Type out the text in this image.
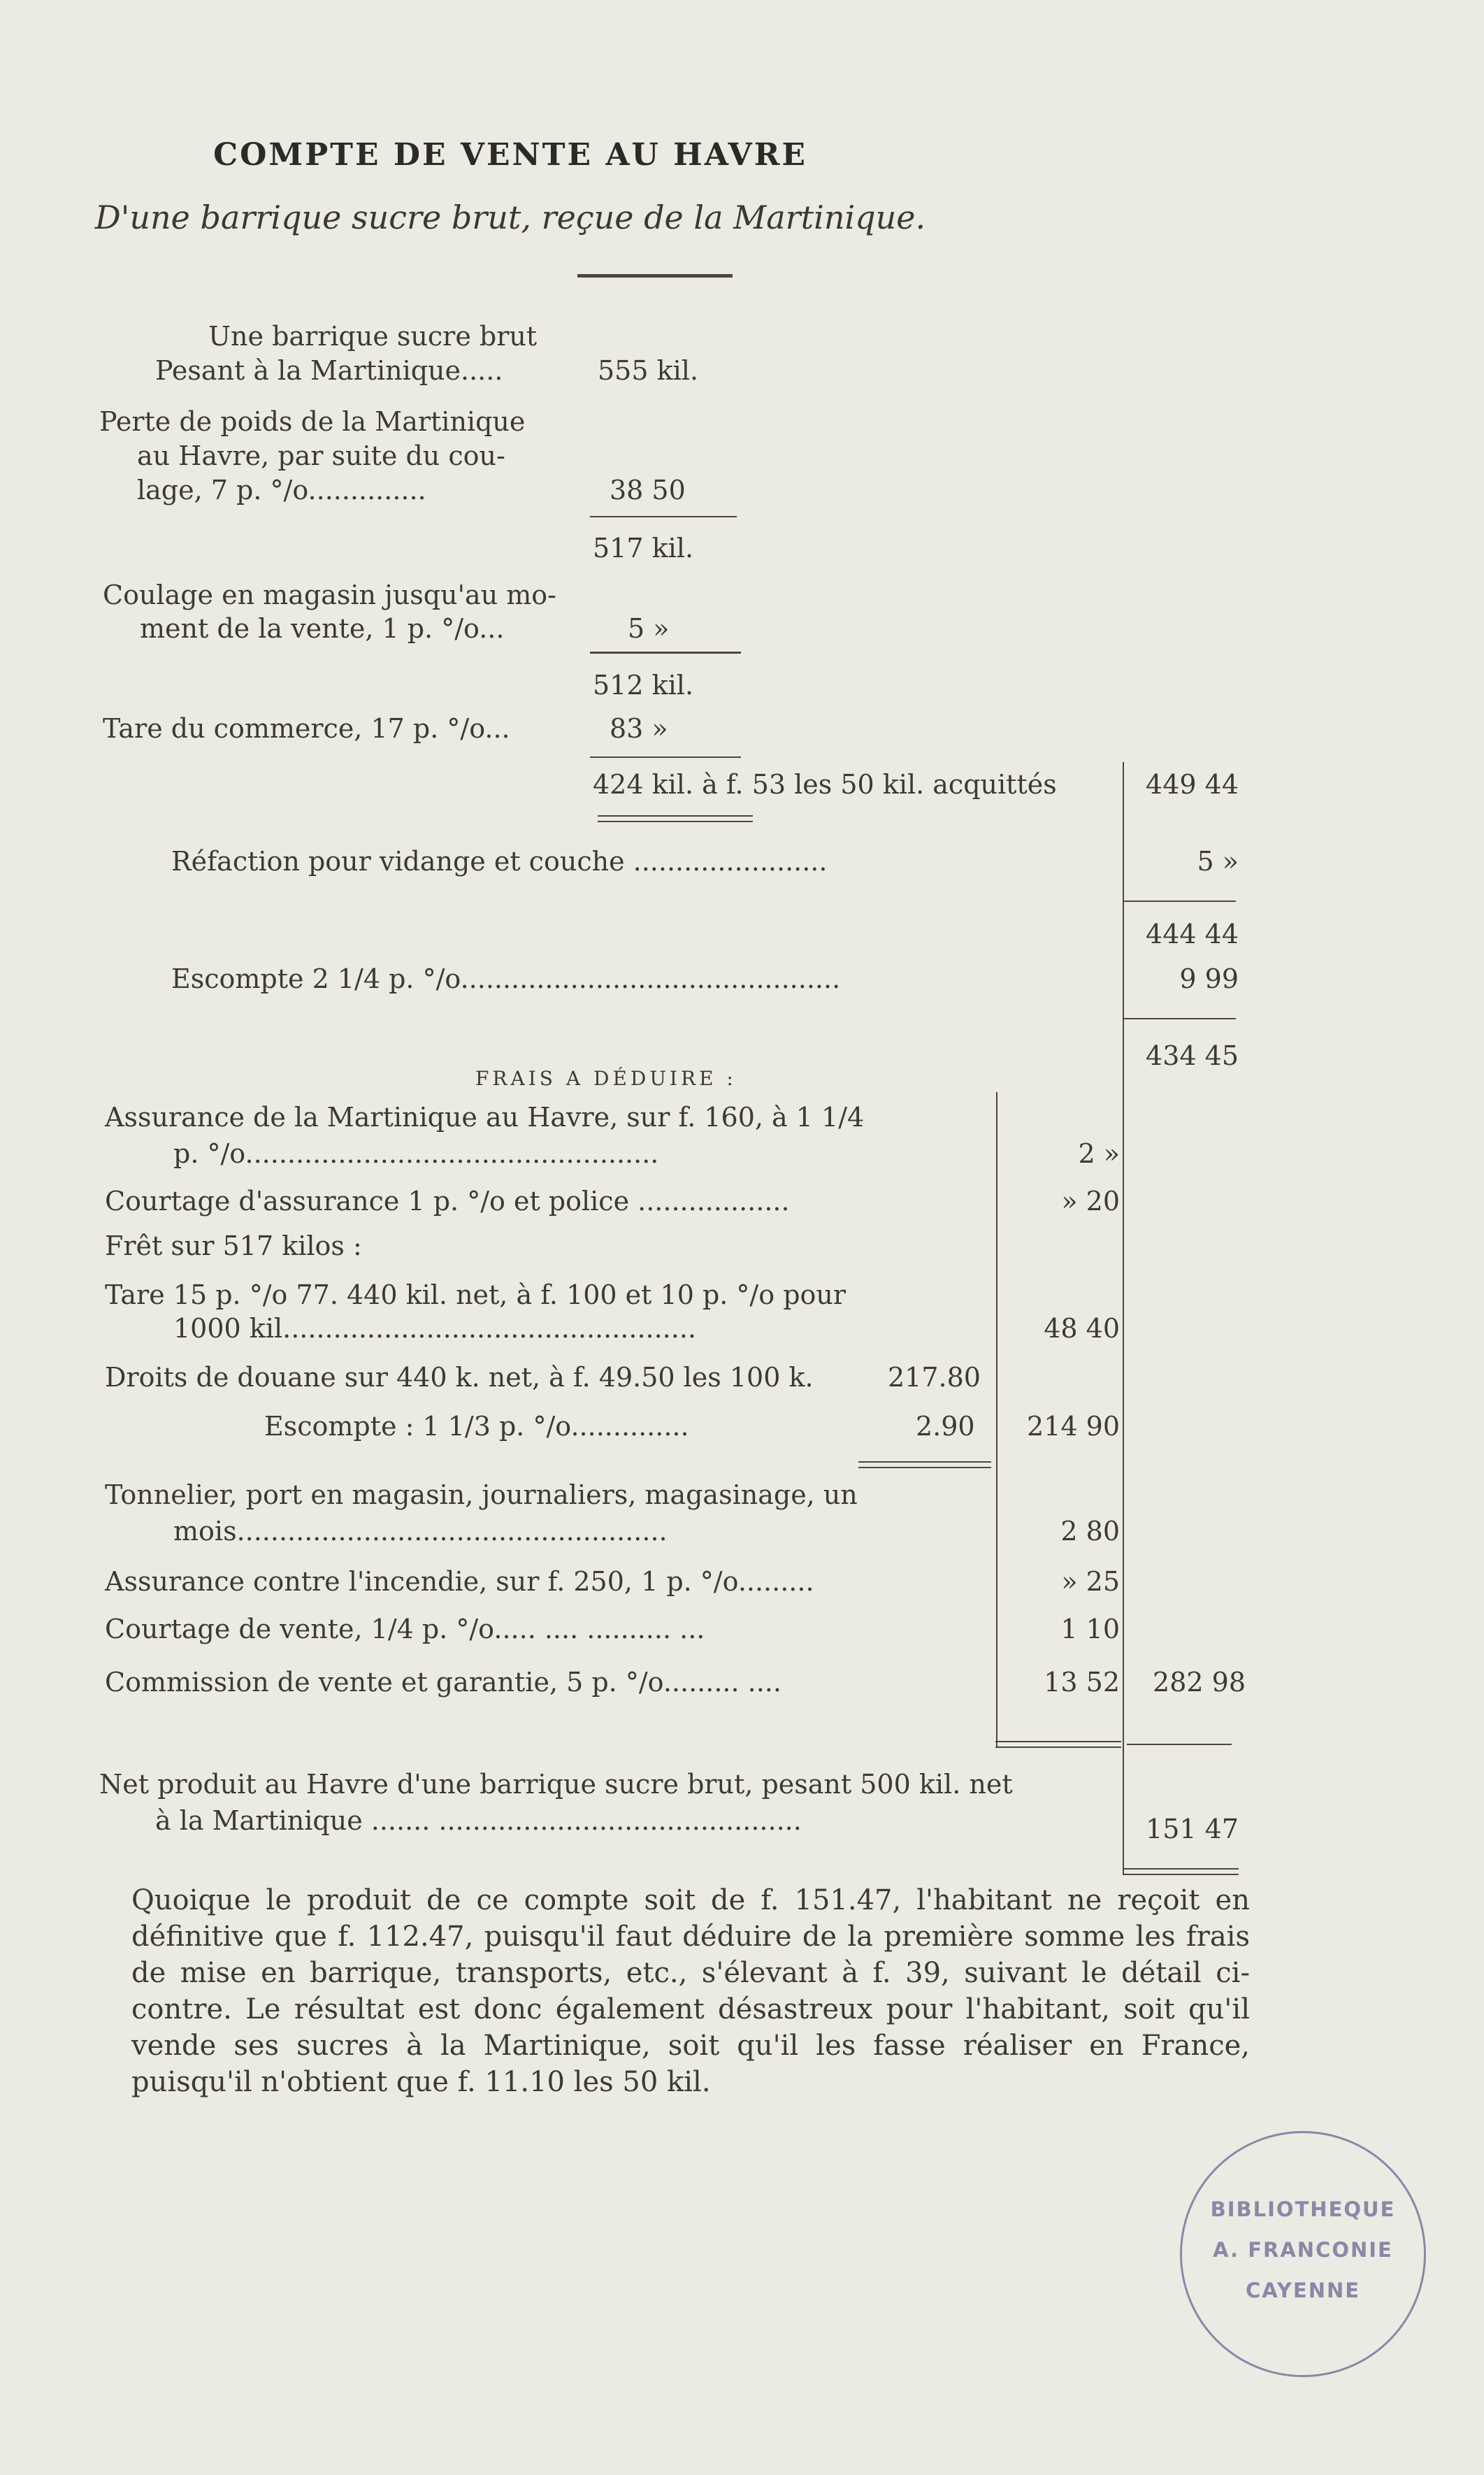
COMPTE DE VENTE AU HAVRE
D'une barrique sucre brut, reçue de la Martinique.
Une barrique sucre brut
Pesant à la Martinique.....	555 kil.
Perte de poids de la Martinique
au Havre, par suite du cou-
lage, 7 p. °/o..............	38 50
517 kil.
Coulage en magasin jusqu'au mo-
ment de la vente, 1 p. °/o...	5 »
512 kil.
Tare du commerce, 17 p. °/o...	83 »
424 kil. à f. 53 les 50 kil. acquittés	449 44
Réfaction pour vidange et couche .......................	5 »
444 44
Escompte 2 1/4 p. °/o.............................................	9 99
434 45
FRAIS A DÉDUIRE :
Assurance de la Martinique au Havre, sur f. 160, à 1 1/4
p. °/o.................................................	2 »
Courtage d'assurance 1 p. °/o et police ..................	» 20
Frêt sur 517 kilos :
Tare 15 p. °/o 77. 440 kil. net, à f. 100 et 10 p. °/o pour
1000 kil.................................................	48 40
Droits de douane sur 440 k. net, à f. 49.50 les 100 k.	217.80
Escompte : 1 1/3 p. °/o..............	2.90	214 90
Tonnelier, port en magasin, journaliers, magasinage, un
mois...................................................	2 80
Assurance contre l'incendie, sur f. 250, 1 p. °/o.........	» 25
Courtage de vente, 1/4 p. °/o..... .... .......... ...	1 10
Commission de vente et garantie, 5 p. °/o......... ....	13 52	282 98
Net produit au Havre d'une barrique sucre brut, pesant 500 kil. net
à la Martinique ....... ...........................................	151 47
Quoique le produit de ce compte soit de f. 151.47, l'habitant ne reçoit en définitive que f. 112.47, puisqu'il faut déduire de la première somme les frais de mise en barrique, transports, etc., s'élevant à f. 39, suivant le détail ci-contre. Le résultat est donc également désastreux pour l'habitant, soit qu'il vende ses sucres à la Martinique, soit qu'il les fasse réaliser en France, puisqu'il n'obtient que f. 11.10 les 50 kil.
BIBLIOTHEQUE
A. FRANCONIE
CAYENNE
